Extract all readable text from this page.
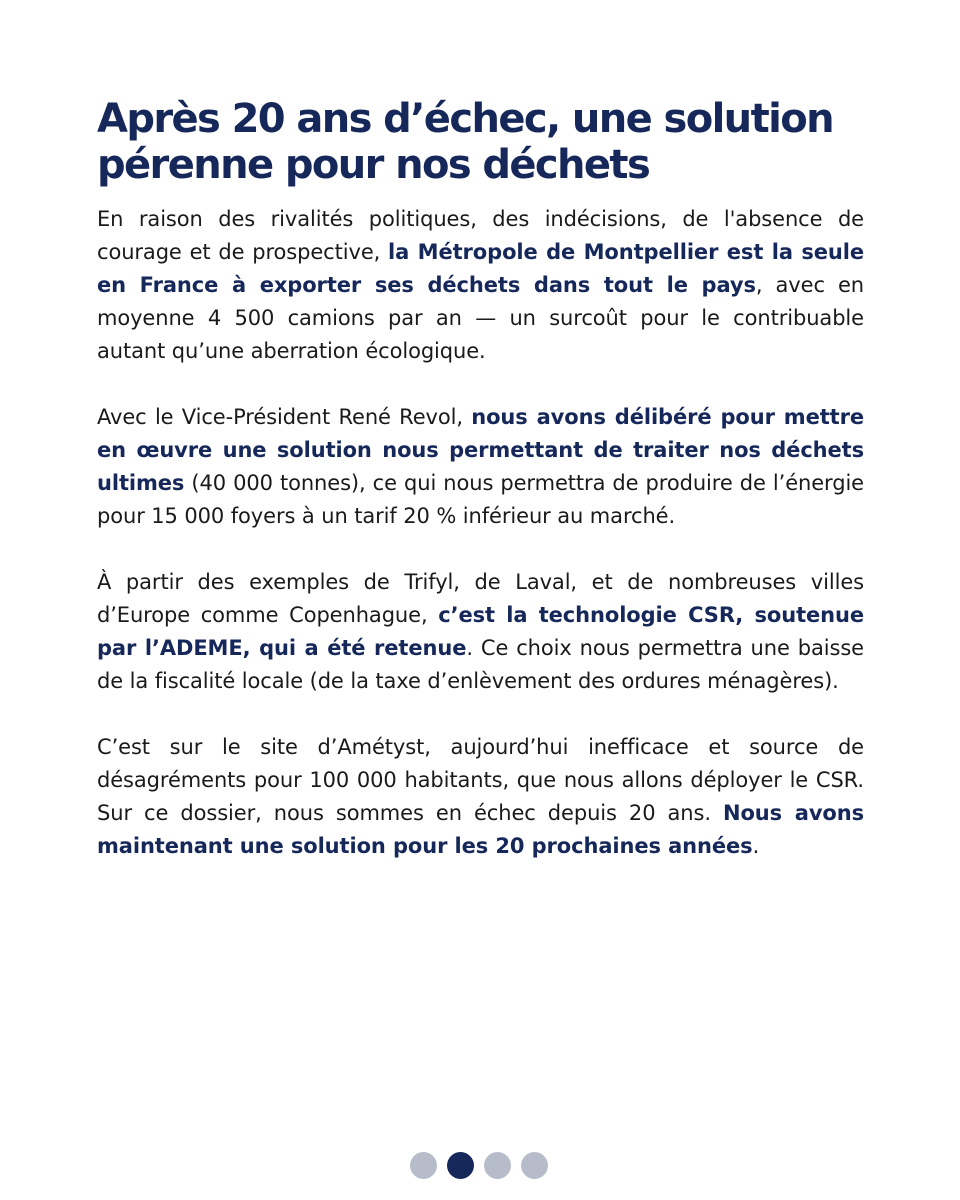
Après 20 ans d’échec, une solution pérenne pour nos déchets

En raison des rivalités politiques, des indécisions, de l'absence de courage et de prospective, la Métropole de Montpellier est la seule en France à exporter ses déchets dans tout le pays, avec en moyenne 4 500 camions par an — un surcoût pour le contribuable autant qu’une aberration écologique.

Avec le Vice-Président René Revol, nous avons délibéré pour mettre en œuvre une solution nous permettant de traiter nos déchets ultimes (40 000 tonnes), ce qui nous permettra de produire de l’énergie pour 15 000 foyers à un tarif 20 % inférieur au marché.

À partir des exemples de Trifyl, de Laval, et de nombreuses villes d’Europe comme Copenhague, c’est la technologie CSR, soutenue par l’ADEME, qui a été retenue. Ce choix nous permettra une baisse de la fiscalité locale (de la taxe d’enlèvement des ordures ménagères).

C’est sur le site d’Amétyst, aujourd’hui inefficace et source de désagréments pour 100 000 habitants, que nous allons déployer le CSR. Sur ce dossier, nous sommes en échec depuis 20 ans. Nous avons maintenant une solution pour les 20 prochaines années.
